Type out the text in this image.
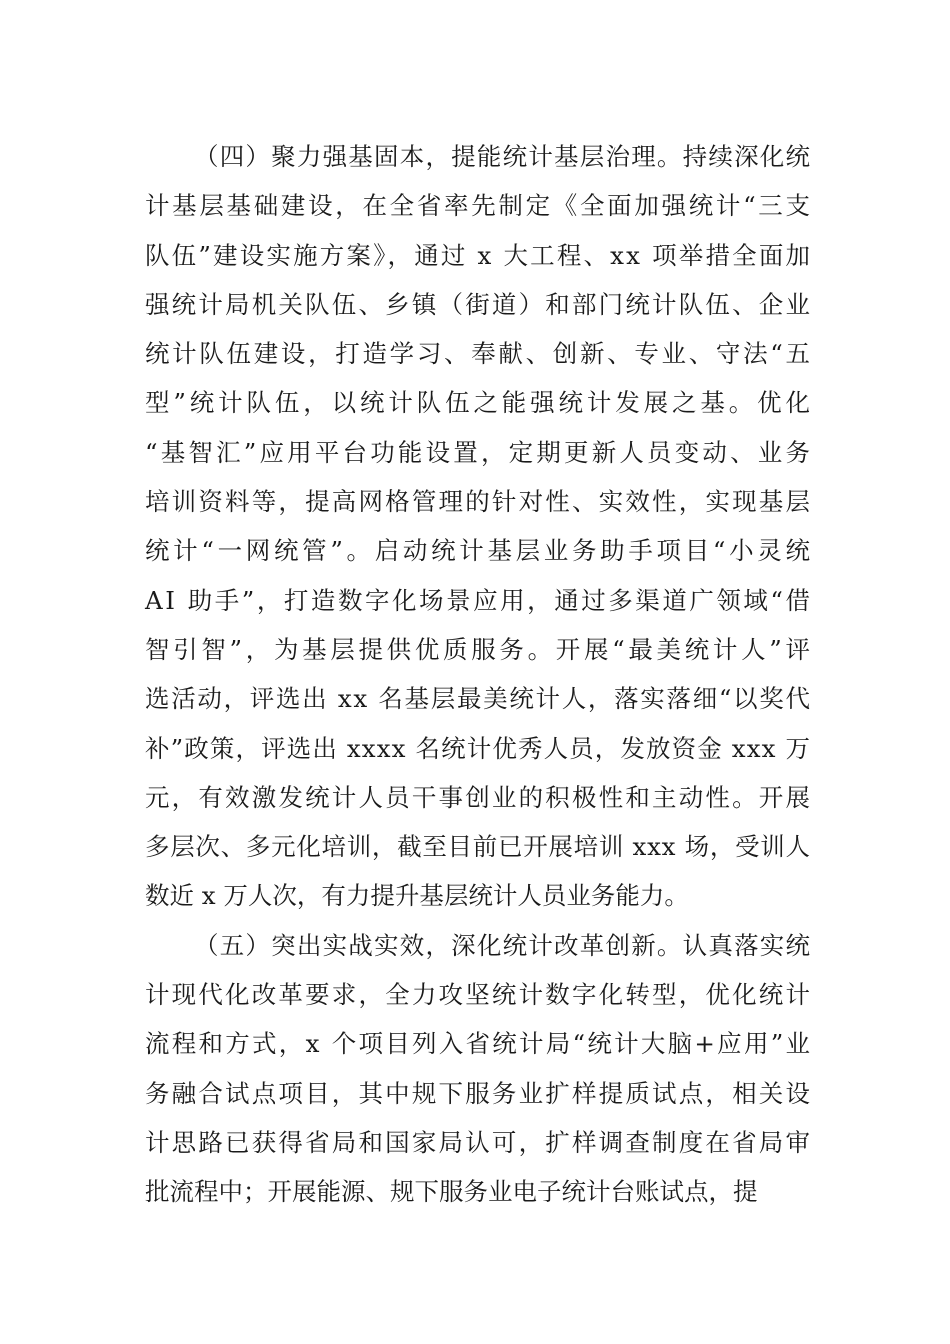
（四）聚力强基固本，提能统计基层治理。持续深化统
计基层基础建设，在全省率先制定《全面加强统计“三支
队伍”建设实施方案》，通过 x 大工程、xx 项举措全面加
强统计局机关队伍、乡镇（街道）和部门统计队伍、企业
统计队伍建设，打造学习、奉献、创新、专业、守法“五
型”统计队伍，以统计队伍之能强统计发展之基。优化
“基智汇”应用平台功能设置，定期更新人员变动、业务
培训资料等，提高网格管理的针对性、实效性，实现基层
统计“一网统管”。启动统计基层业务助手项目“小灵统
AI 助手”，打造数字化场景应用，通过多渠道广领域“借
智引智”，为基层提供优质服务。开展“最美统计人”评
选活动，评选出 xx 名基层最美统计人，落实落细“以奖代
补”政策，评选出 xxxx 名统计优秀人员，发放资金 xxx 万
元，有效激发统计人员干事创业的积极性和主动性。开展
多层次、多元化培训，截至目前已开展培训 xxx 场，受训人
数近 x 万人次，有力提升基层统计人员业务能力。
（五）突出实战实效，深化统计改革创新。认真落实统
计现代化改革要求，全力攻坚统计数字化转型，优化统计
流程和方式，x 个项目列入省统计局“统计大脑+应用”业
务融合试点项目，其中规下服务业扩样提质试点，相关设
计思路已获得省局和国家局认可，扩样调查制度在省局审
批流程中；开展能源、规下服务业电子统计台账试点，提
